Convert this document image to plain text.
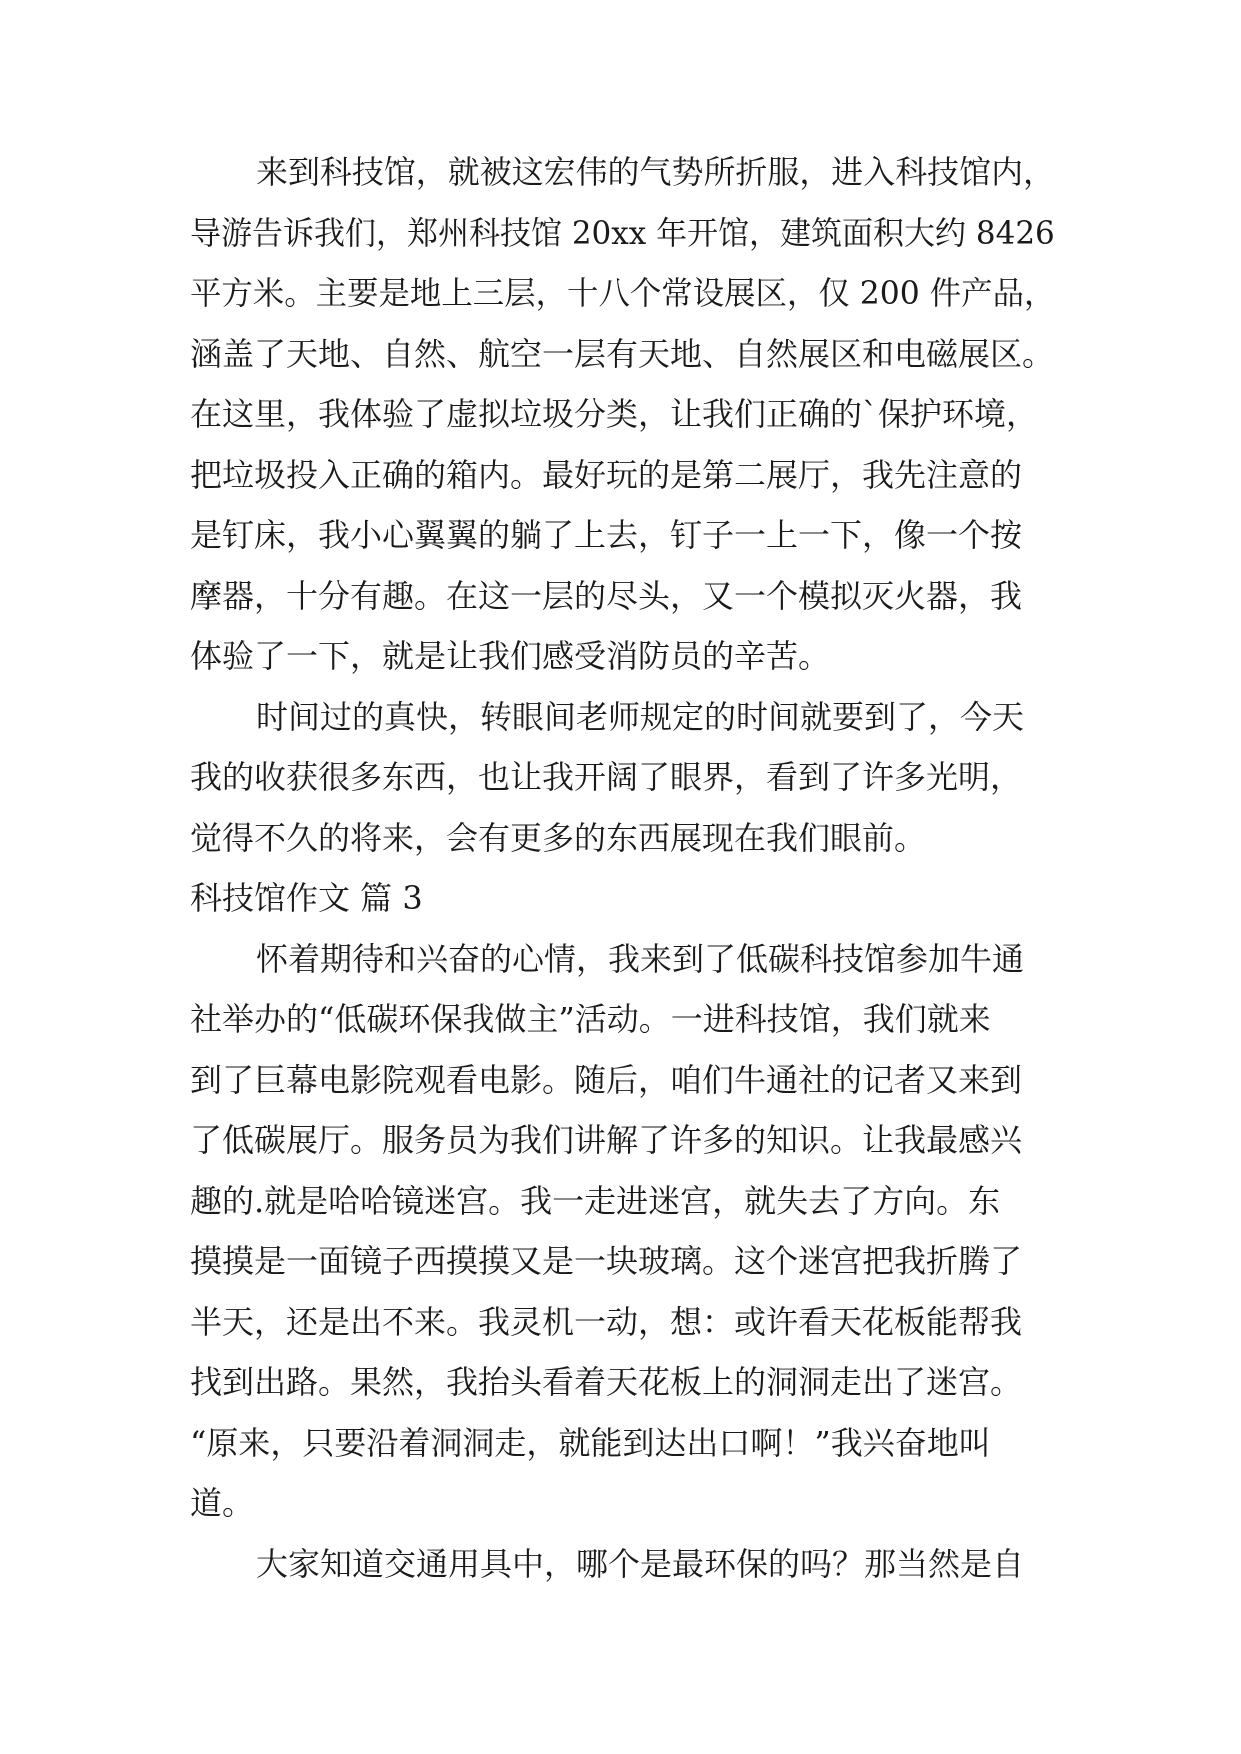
来到科技馆，就被这宏伟的气势所折服，进入科技馆内，
导游告诉我们，郑州科技馆 20xx 年开馆，建筑面积大约 8426
平方米。主要是地上三层，十八个常设展区，仅 200 件产品，
涵盖了天地、自然、航空一层有天地、自然展区和电磁展区。
在这里，我体验了虚拟垃圾分类，让我们正确的`保护环境，
把垃圾投入正确的箱内。最好玩的是第二展厅，我先注意的
是钉床，我小心翼翼的躺了上去，钉子一上一下，像一个按
摩器，十分有趣。在这一层的尽头，又一个模拟灭火器，我
体验了一下，就是让我们感受消防员的辛苦。
时间过的真快，转眼间老师规定的时间就要到了，今天
我的收获很多东西，也让我开阔了眼界，看到了许多光明，
觉得不久的将来，会有更多的东西展现在我们眼前。
科技馆作文 篇 3
怀着期待和兴奋的心情，我来到了低碳科技馆参加牛通
社举办的“低碳环保我做主”活动。一进科技馆，我们就来
到了巨幕电影院观看电影。随后，咱们牛通社的记者又来到
了低碳展厅。服务员为我们讲解了许多的知识。让我最感兴
趣的.就是哈哈镜迷宫。我一走进迷宫，就失去了方向。东
摸摸是一面镜子西摸摸又是一块玻璃。这个迷宫把我折腾了
半天，还是出不来。我灵机一动，想：或许看天花板能帮我
找到出路。果然，我抬头看着天花板上的洞洞走出了迷宫。
“原来，只要沿着洞洞走，就能到达出口啊！”我兴奋地叫
道。
大家知道交通用具中，哪个是最环保的吗？那当然是自
